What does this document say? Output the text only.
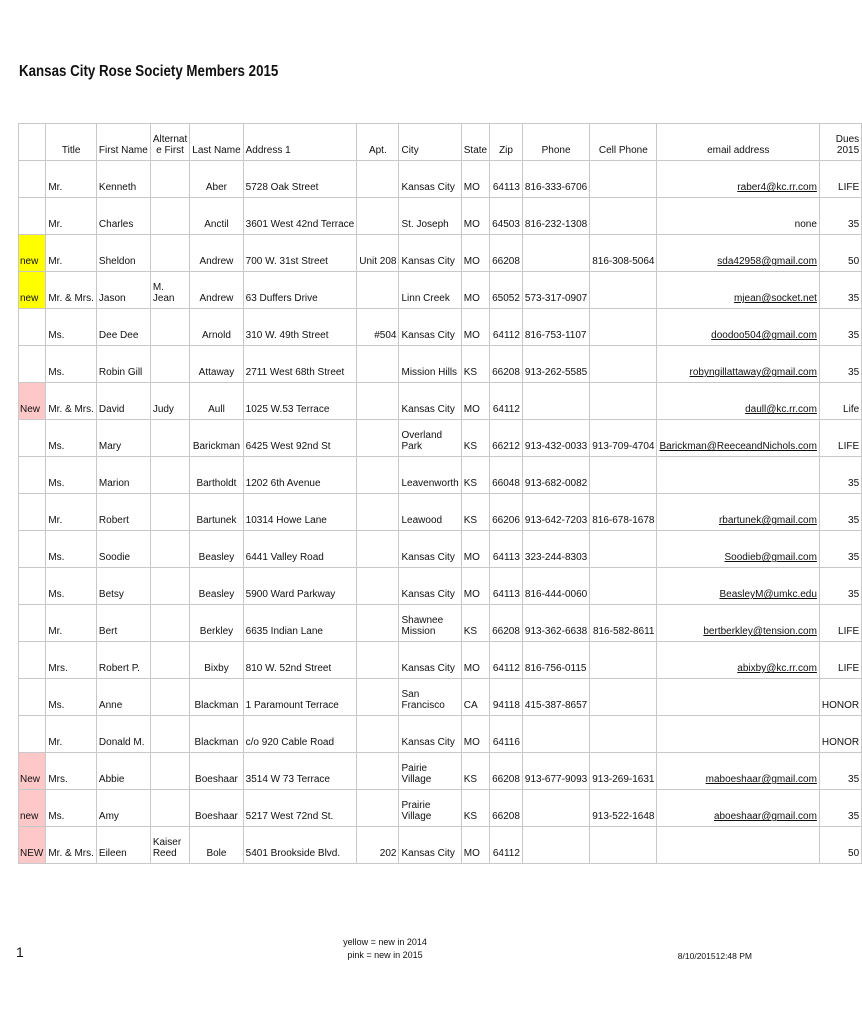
Kansas City Rose Society Members 2015
	Title	First Name	Alternat e First	Last Name	Address 1	Apt.	City	State	Zip	Phone	Cell Phone	email address	Dues 2015
	Mr.	Kenneth		Aber	5728 Oak Street		Kansas City	MO	64113	816-333-6706		raber4@kc.rr.com	LIFE
	Mr.	Charles		Anctil	3601 West 42nd Terrace		St. Joseph	MO	64503	816-232-1308		none	35
new	Mr.	Sheldon		Andrew	700 W. 31st Street	Unit 208	Kansas City	MO	66208		816-308-5064	sda42958@gmail.com	50
new	Mr. & Mrs.	Jason	M. Jean	Andrew	63 Duffers Drive		Linn Creek	MO	65052	573-317-0907		mjean@socket.net	35
	Ms.	Dee Dee		Arnold	310 W. 49th Street	#504	Kansas City	MO	64112	816-753-1107		doodoo504@gmail.com	35
	Ms.	Robin Gill		Attaway	2711 West 68th Street		Mission Hills	KS	66208	913-262-5585		robyngillattaway@gmail.com	35
New	Mr. & Mrs.	David	Judy	Aull	1025 W.53 Terrace		Kansas City	MO	64112			daull@kc.rr.com	Life
	Ms.	Mary		Barickman	6425 West 92nd St		Overland Park	KS	66212	913-432-0033	913-709-4704	Barickman@ReeceandNichols.com	LIFE
	Ms.	Marion		Bartholdt	1202 6th Avenue		Leavenworth	KS	66048	913-682-0082			35
	Mr.	Robert		Bartunek	10314 Howe Lane		Leawood	KS	66206	913-642-7203	816-678-1678	rbartunek@gmail.com	35
	Ms.	Soodie		Beasley	6441 Valley Road		Kansas City	MO	64113	323-244-8303		Soodieb@gmail.com	35
	Ms.	Betsy		Beasley	5900 Ward Parkway		Kansas City	MO	64113	816-444-0060		BeasleyM@umkc.edu	35
	Mr.	Bert		Berkley	6635 Indian Lane		Shawnee Mission	KS	66208	913-362-6638	816-582-8611	bertberkley@tension.com	LIFE
	Mrs.	Robert P.		Bixby	810 W. 52nd Street		Kansas City	MO	64112	816-756-0115		abixby@kc.rr.com	LIFE
	Ms.	Anne		Blackman	1 Paramount Terrace		San Francisco	CA	94118	415-387-8657			HONOR
	Mr.	Donald M.		Blackman	c/o 920 Cable Road		Kansas City	MO	64116				HONOR
New	Mrs.	Abbie		Boeshaar	3514 W 73 Terrace		Pairie Village	KS	66208	913-677-9093	913-269-1631	maboeshaar@gmail.com	35
new	Ms.	Amy		Boeshaar	5217 West 72nd St.		Prairie Village	KS	66208		913-522-1648	aboeshaar@gmail.com	35
NEW	Mr. & Mrs.	Eileen	Kaiser Reed	Bole	5401 Brookside Blvd.	202	Kansas City	MO	64112				50
1
yellow = new in 2014
pink = new in 2015	8/10/201512:48 PM
